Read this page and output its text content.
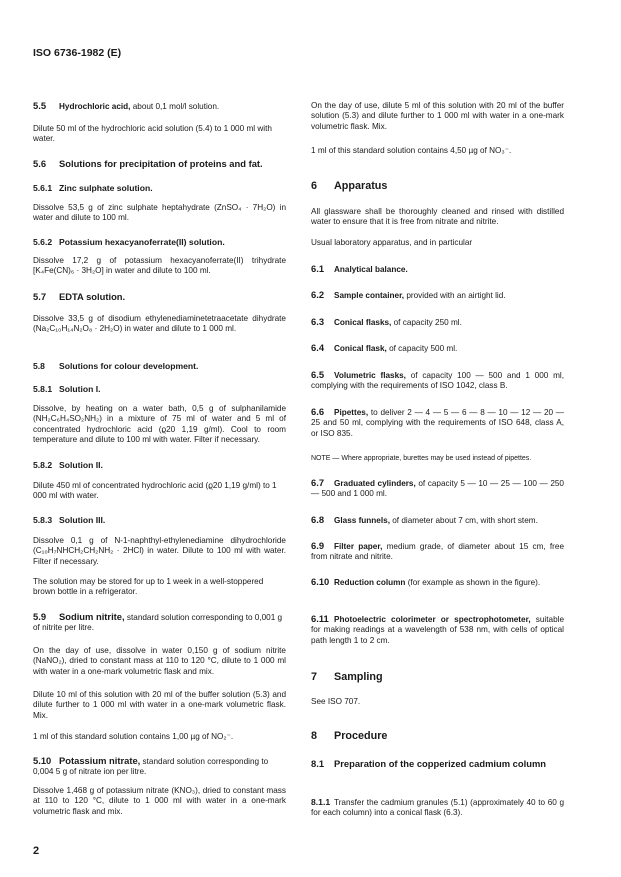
ISO 6736-1982 (E)

5.5 Hydrochloric acid, about 0,1 mol/l solution.

Dilute 50 ml of the hydrochloric acid solution (5.4) to 1 000 ml with water.

5.6 Solutions for precipitation of proteins and fat.

5.6.1 Zinc sulphate solution.

Dissolve 53,5 g of zinc sulphate heptahydrate (ZnSO₄ · 7H₂O) in water and dilute to 100 ml.

5.6.2 Potassium hexacyanoferrate(II) solution.

Dissolve 17,2 g of potassium hexacyanoferrate(II) trihydrate [K₄Fe(CN)₆ · 3H₂O] in water and dilute to 100 ml.

5.7 EDTA solution.

Dissolve 33,5 g of disodium ethylenediaminetetraacetate dihydrate (Na₂C₁₀H₁₄N₂O₈ · 2H₂O) in water and dilute to 1 000 ml.

5.8 Solutions for colour development.

5.8.1 Solution I.

Dissolve, by heating on a water bath, 0,5 g of sulphanilamide (NH₂C₆H₄SO₂NH₂) in a mixture of 75 ml of water and 5 ml of concentrated hydrochloric acid (ϱ20 1,19 g/ml). Cool to room temperature and dilute to 100 ml with water. Filter if necessary.

5.8.2 Solution II.

Dilute 450 ml of concentrated hydrochloric acid (ϱ20 1,19 g/ml) to 1 000 ml with water.

5.8.3 Solution III.

Dissolve 0,1 g of N-1-naphthyl-ethylenediamine dihydrochloride (C₁₀H₇NHCH₂CH₂NH₂ · 2HCl) in water. Dilute to 100 ml with water. Filter if necessary.

The solution may be stored for up to 1 week in a well-stoppered brown bottle in a refrigerator.

5.9 Sodium nitrite, standard solution corresponding to 0,001 g of nitrite per litre.

On the day of use, dissolve in water 0,150 g of sodium nitrite (NaNO₂), dried to constant mass at 110 to 120 °C, dilute to 1 000 ml with water in a one-mark volumetric flask and mix.

Dilute 10 ml of this solution with 20 ml of the buffer solution (5.3) and dilute further to 1 000 ml with water in a one-mark volumetric flask. Mix.

1 ml of this standard solution contains 1,00 µg of NO₂⁻.

5.10 Potassium nitrate, standard solution corresponding to 0,004 5 g of nitrate ion per litre.

Dissolve 1,468 g of potassium nitrate (KNO₃), dried to constant mass at 110 to 120 °C, dilute to 1 000 ml with water in a one-mark volumetric flask and mix.

On the day of use, dilute 5 ml of this solution with 20 ml of the buffer solution (5.3) and dilute further to 1 000 ml with water in a one-mark volumetric flask. Mix.

1 ml of this standard solution contains 4,50 µg of NO₃⁻.

6 Apparatus

All glassware shall be thoroughly cleaned and rinsed with distilled water to ensure that it is free from nitrate and nitrite.

Usual laboratory apparatus, and in particular

6.1 Analytical balance.

6.2 Sample container, provided with an airtight lid.

6.3 Conical flasks, of capacity 250 ml.

6.4 Conical flask, of capacity 500 ml.

6.5 Volumetric flasks, of capacity 100 — 500 and 1 000 ml, complying with the requirements of ISO 1042, class B.

6.6 Pipettes, to deliver 2 — 4 — 5 — 6 — 8 — 10 — 12 — 20 — 25 and 50 ml, complying with the requirements of ISO 648, class A, or ISO 835.

NOTE — Where appropriate, burettes may be used instead of pipettes.

6.7 Graduated cylinders, of capacity 5 — 10 — 25 — 100 — 250 — 500 and 1 000 ml.

6.8 Glass funnels, of diameter about 7 cm, with short stem.

6.9 Filter paper, medium grade, of diameter about 15 cm, free from nitrate and nitrite.

6.10 Reduction column (for example as shown in the figure).

6.11 Photoelectric colorimeter or spectrophotometer, suitable for making readings at a wavelength of 538 nm, with cells of optical path length 1 to 2 cm.

7 Sampling

See ISO 707.

8 Procedure

8.1 Preparation of the copperized cadmium column

8.1.1 Transfer the cadmium granules (5.1) (approximately 40 to 60 g for each column) into a conical flask (6.3).

2
